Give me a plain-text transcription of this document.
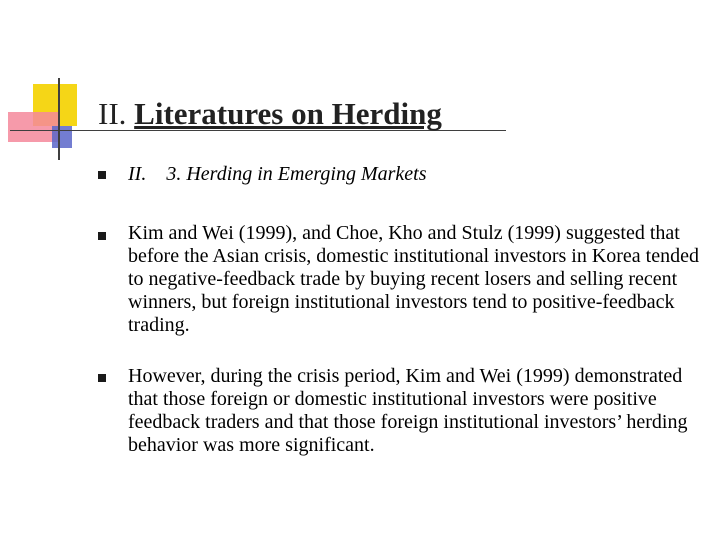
II. Literatures on Herding
II. 3. Herding in Emerging Markets
Kim and Wei (1999), and Choe, Kho and Stulz (1999) suggested that before the Asian crisis, domestic institutional investors in Korea tended to negative-feedback trade by buying recent losers and selling recent winners, but foreign institutional investors tend to positive-feedback trading.
However, during the crisis period, Kim and Wei (1999) demonstrated that those foreign or domestic institutional investors were positive feedback traders and that those foreign institutional investors’ herding behavior was more significant.
